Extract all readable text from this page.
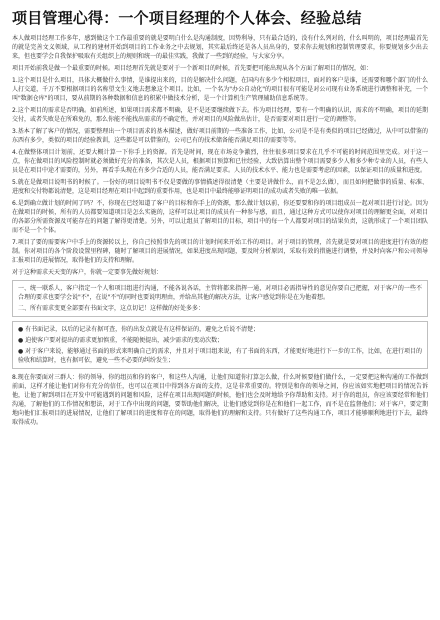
项目管理心得：一个项目经理的个人体会、经验总结

本人做项目经理工作多年，感到做这个工作最重要的就是要明白什么是沟通制度，因势利导，只有最合适的，没有什么列对的，什么叫明的，项目经理最首先的就是完善文义领域，从工程的建材开始到项目的工作业务之中去规划，其实最后终还是各人员出身的，要求你去规划和控制管理要求，你要规划多少出去来，但也要学会自我保护吸取有关组织上的规则和统一的最佳实践，我做了一些到的经验，与大家分享。

项目开始前我是做一个最重要的时候。项目经理首先就是要对于一个新项目的时候，首先要把可能出现从各个方面了解项目的情况，如：

1.这个项目是什么项目，具体大概做什么事情，是谁提出来的，目的是解决什么问题，在国内有多少个相似项目，面对的客户是谁，还需要和哪个部门的什么人打交道，千万不要根据项目的名称望文生义地去想象这个项目。比如，一个名为"办公自动化"的项目很有可能是对公司现有业务系统进行调整和补充，一个叫"数据仓库"的项目，要从前期的各种数据和信息的积累中做技术分析，是一个计算机生产管理辅助信息系统等。

2.这个项目的需求是否明确。如前所述，如果项目需求都不明确，是不是还要继续做下去。作为项目经理，要有一个明确的认识，需求的不明确，项目的延期交付，或者失败是在所难免的，那么你能不能找出需求的不确定性，并对项目的风险做出估计，是否需要对项目进行一定的调整等。

3.基本了解了客户的情况，需要整理出一个项目需求的基本描述，做好项目前期的一些准备工作，比如，公司是不是有类似的项目已经做过，从中可以借鉴的东西有多少，类似的项目的经验教训，这些都是可以借鉴的，公司已有的技术储备能否满足项目的需要等等。

4.在做整体项目计划前，还要大概计算一下你手上的资源。首先是时间，现在市场竞争激烈，往往很多项目要求在几乎不可能的时间范围里完成。对于这一点，你在做项目的风险控制时就必须做好充分的准备，其次是人员，根据项目预算和已往经验，大致估算出整个项目需要多少人和多少种专业的人员，有些人员是在项目中途才需要的，另外，再看手头现在有多少合适的人员，能否满足要求。人员的技术水平、能力也是需要考虑的因素，以保证项目的质量和进度。

5.就在是做项目说明书的时候了。一份好的项目说明书不仅是要做的事情描述得很清楚（主要是讲做什么，而不是怎么做），而且如何把做事的质量、标准、进度和交付物都说清楚，这是项目经理在项目中起到的重要作用，也是项目中最终能够证明项目的成功或者失败的唯一依据。

6.是到确立做计划的时间了吗？不，你现在已经知道了客户的目标和你手上的资源，那么做计划以前，你还要要和你的项目组成员一起对项目进行讨论。因为在做项目的时候，所有的人员都要知道项目是怎么实施的，这样可以让项目的成员有一种参与感，而且，通过这种方式可以使你对项目的理解更全面，对项目的各部分所需资源及可能存在的问题了解得更清楚。另外，可以让组员了解项目的目标，项目中的每一个人都要对项目的结果负责，这就形成了一个项目团队而不是一个个体。

7.项目了要的需要客户中手上的资源转以上，你自己按照事先的项目的计划时间来开始工作的项目。对于项目的管理，首先就是要对项目的进度进行有效的控制。你对项目的各个阶段设置里程碑，随时了解项目的进展情况，如果进度出现问题，要及时分析原因，采取有效的措施进行调整，并及时向客户和公司领导汇报项目的进展情况，取得他们的支持和理解。

对于这种需求天天变的客户，你就一定要事先做好规划：

一、统一联系人，客户指定一个人和项目组进行沟通，不能各说各话，主管将都来指挥一通，对项目必需指导性的意见你要自己把握，对于客户的一些不合理的要求也要学会说"不"，在说"不"的同时也要说明理由，并给出其他的解决方法，让客户感觉到你是在为他着想。

二、所有需求变更全部要有书面文字，这点切记！这样做的好处多多：

● 有书面记录，以后的记录有据可查，你的出发点就是有这样保证的，避免之后说不清楚；

● 迫使客户要对提出的需求更加慎重，不能随便提出，减少需求的变动次数；

● 对于客户来说，能够通过书面的形式来明确自己的需求，并且对于项目组来说，有了书面的东西，才能更好地进行下一步的工作，比如，在进行项目的验收和结算时，也有据可依，避免一些不必要的纠纷发生；

8.现在你要面对三群人：你的领导、你的组员和你的客户，和这些人沟通，让他们知道你打算怎么做，什么时候要他们做什么，一定要把这种沟通的工作做到前面，这样才能让他们对你有充分的信任，也可以在项目中得到各方面的支持，这是非常重要的。特别是和你的领导之间，你应该如实地把项目的情况告诉他，让他了解到项目在开发中可能遇到的问题和风险，这样在项目出现问题的时候，他们也会及时地给予你帮助和支持。对于你的组员，你应该要经常和他们沟通，了解他们的工作情况和想法，对于工作中出现的问题，要帮助他们解决，让他们感觉到你是在和他们一起工作，而不是在监督他们；对于客户，要定期地向他们汇报项目的进展情况，让他们了解项目的进度和存在的问题，取得他们的理解和支持。只有做好了这些沟通工作，项目才能够顺利地进行下去，最终取得成功。
